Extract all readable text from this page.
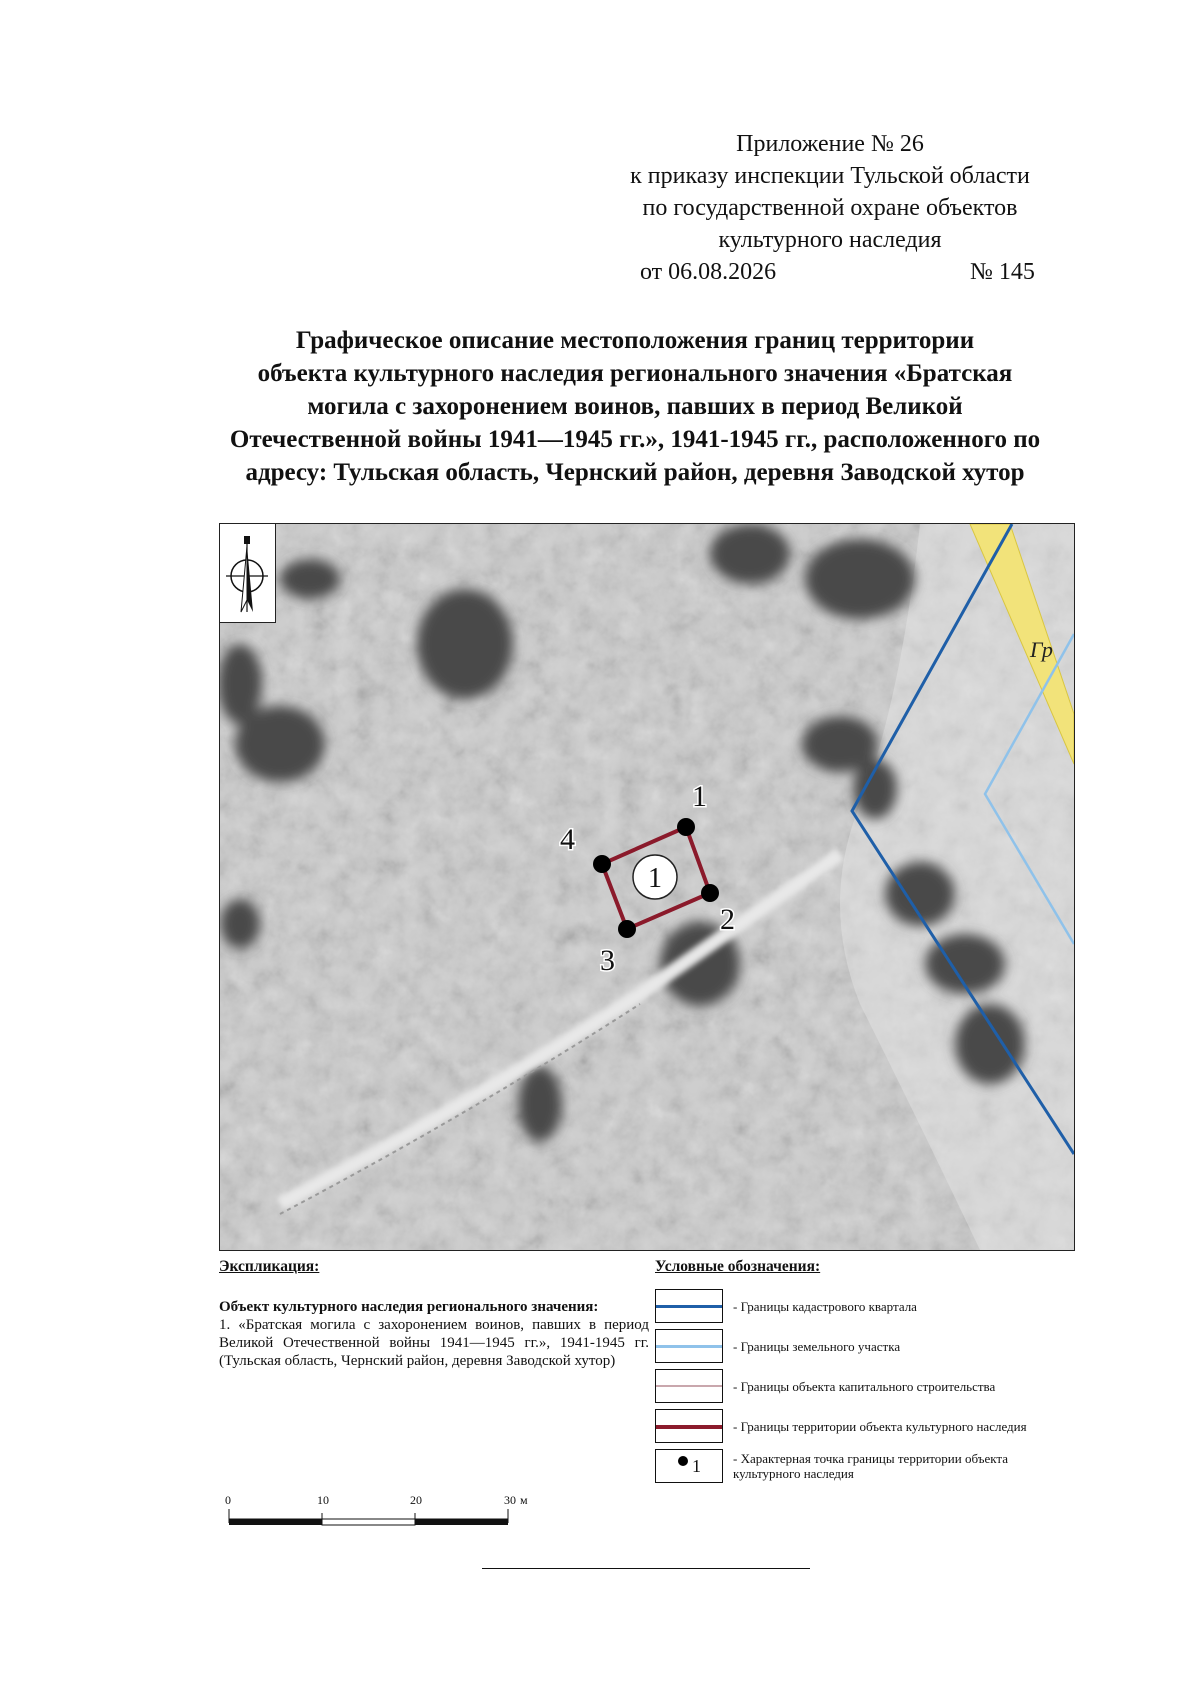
Приложение № 26
к приказу инспекции Тульской области
по государственной охране объектов
культурного наследия
от 06.08.2026	№ 145
Графическое описание местоположения границ территории
объекта культурного наследия регионального значения «Братская
могила с захоронением воинов, павших в период Великой
Отечественной войны 1941—1945 гг.», 1941-1945 гг., расположенного по
адресу: Тульская область, Чернский район, деревня Заводской хутор
Гр
1
1
2
3
4
Экспликация:
Объект культурного наследия регионального значения:
1. «Братская могила с захоронением воинов, павших в период Великой Отечественной войны 1941—1945 гг.», 1941-1945 гг. (Тульская область, Чернский район, деревня Заводской хутор)
Условные обозначения:
- Границы кадастрового квартала
- Границы земельного участка
- Границы объекта капитального строительства
- Границы территории объекта культурного наследия
1 - Характерная точка границы территории объекта культурного наследия
0	10	20	30 м
